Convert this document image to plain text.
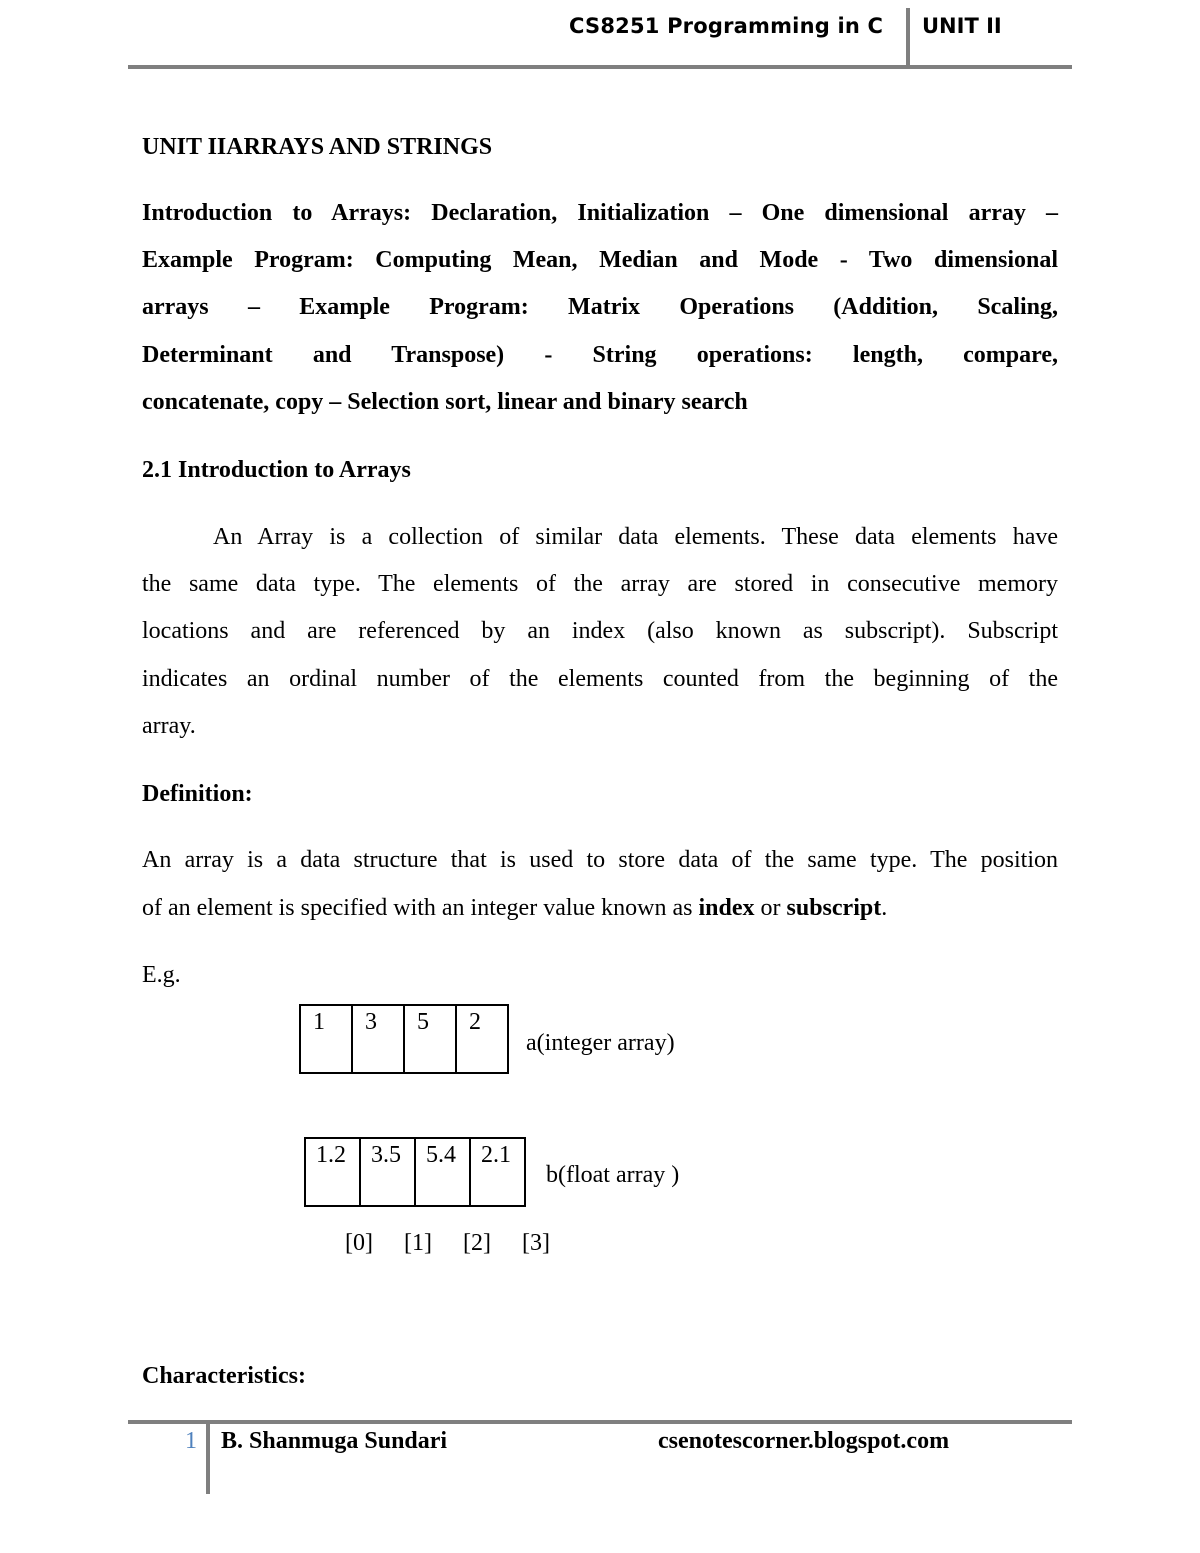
CS8251 Programming in C UNIT II
UNIT IIARRAYS AND STRINGS
Introduction to Arrays: Declaration, Initialization – One dimensional array –
Example Program: Computing Mean, Median and Mode - Two dimensional
arrays – Example Program: Matrix Operations (Addition, Scaling,
Determinant and Transpose) - String operations: length, compare,
concatenate, copy – Selection sort, linear and binary search
2.1 Introduction to Arrays
An Array is a collection of similar data elements. These data elements have
the same data type. The elements of the array are stored in consecutive memory
locations and are referenced by an index (also known as subscript). Subscript
indicates an ordinal number of the elements counted from the beginning of the
array.
Definition:
An array is a data structure that is used to store data of the same type. The position
of an element is specified with an integer value known as index or subscript.
E.g.
1	3	5	2
a(integer array)
1.2	3.5	5.4	2.1
b(float array )
[0] [1] [2] [3]
Characteristics:
1 B. Shanmuga Sundari	csenotescorner.blogspot.com
